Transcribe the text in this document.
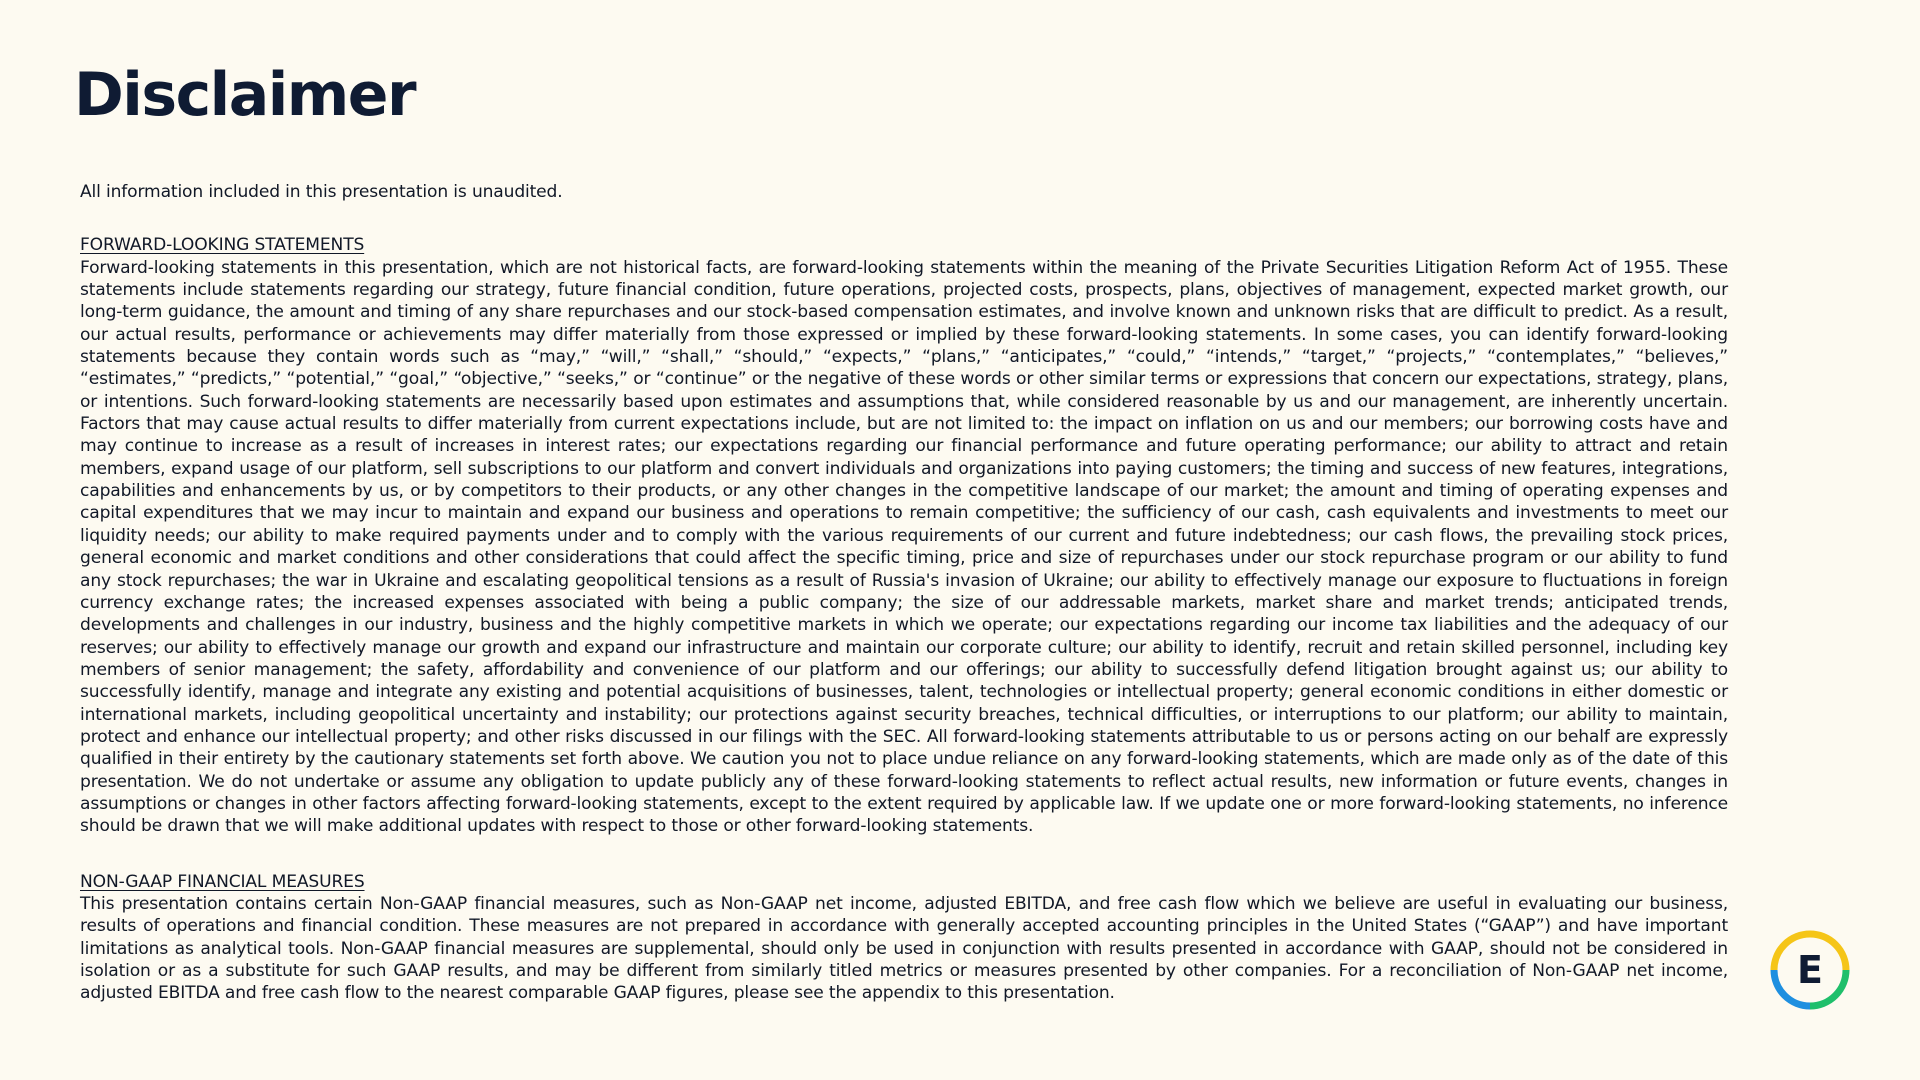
Disclaimer

All information included in this presentation is unaudited.

FORWARD-LOOKING STATEMENTS

Forward-looking statements in this presentation, which are not historical facts, are forward-looking statements within the meaning of the Private Securities Litigation Reform Act of 1955. These statements include statements regarding our strategy, future financial condition, future operations, projected costs, prospects, plans, objectives of management, expected market growth, our long-term guidance, the amount and timing of any share repurchases and our stock-based compensation estimates, and involve known and unknown risks that are difficult to predict. As a result, our actual results, performance or achievements may differ materially from those expressed or implied by these forward-looking statements. In some cases, you can identify forward-looking statements because they contain words such as “may,” “will,” “shall,” “should,” “expects,” “plans,” “anticipates,” “could,” “intends,” “target,” “projects,” “contemplates,” “believes,” “estimates,” “predicts,” “potential,” “goal,” “objective,” “seeks,” or “continue” or the negative of these words or other similar terms or expressions that concern our expectations, strategy, plans, or intentions. Such forward-looking statements are necessarily based upon estimates and assumptions that, while considered reasonable by us and our management, are inherently uncertain. Factors that may cause actual results to differ materially from current expectations include, but are not limited to: the impact on inflation on us and our members; our borrowing costs have and may continue to increase as a result of increases in interest rates; our expectations regarding our financial performance and future operating performance; our ability to attract and retain members, expand usage of our platform, sell subscriptions to our platform and convert individuals and organizations into paying customers; the timing and success of new features, integrations, capabilities and enhancements by us, or by competitors to their products, or any other changes in the competitive landscape of our market; the amount and timing of operating expenses and capital expenditures that we may incur to maintain and expand our business and operations to remain competitive; the sufficiency of our cash, cash equivalents and investments to meet our liquidity needs; our ability to make required payments under and to comply with the various requirements of our current and future indebtedness; our cash flows, the prevailing stock prices, general economic and market conditions and other considerations that could affect the specific timing, price and size of repurchases under our stock repurchase program or our ability to fund any stock repurchases; the war in Ukraine and escalating geopolitical tensions as a result of Russia's invasion of Ukraine; our ability to effectively manage our exposure to fluctuations in foreign currency exchange rates; the increased expenses associated with being a public company; the size of our addressable markets, market share and market trends; anticipated trends, developments and challenges in our industry, business and the highly competitive markets in which we operate; our expectations regarding our income tax liabilities and the adequacy of our reserves; our ability to effectively manage our growth and expand our infrastructure and maintain our corporate culture; our ability to identify, recruit and retain skilled personnel, including key members of senior management; the safety, affordability and convenience of our platform and our offerings; our ability to successfully defend litigation brought against us; our ability to successfully identify, manage and integrate any existing and potential acquisitions of businesses, talent, technologies or intellectual property; general economic conditions in either domestic or international markets, including geopolitical uncertainty and instability; our protections against security breaches, technical difficulties, or interruptions to our platform; our ability to maintain, protect and enhance our intellectual property; and other risks discussed in our filings with the SEC. All forward-looking statements attributable to us or persons acting on our behalf are expressly qualified in their entirety by the cautionary statements set forth above. We caution you not to place undue reliance on any forward-looking statements, which are made only as of the date of this presentation. We do not undertake or assume any obligation to update publicly any of these forward-looking statements to reflect actual results, new information or future events, changes in assumptions or changes in other factors affecting forward-looking statements, except to the extent required by applicable law. If we update one or more forward-looking statements, no inference should be drawn that we will make additional updates with respect to those or other forward-looking statements.

NON-GAAP FINANCIAL MEASURES

This presentation contains certain Non-GAAP financial measures, such as Non-GAAP net income, adjusted EBITDA, and free cash flow which we believe are useful in evaluating our business, results of operations and financial condition. These measures are not prepared in accordance with generally accepted accounting principles in the United States (“GAAP”) and have important limitations as analytical tools. Non-GAAP financial measures are supplemental, should only be used in conjunction with results presented in accordance with GAAP, should not be considered in isolation or as a substitute for such GAAP results, and may be different from similarly titled metrics or measures presented by other companies. For a reconciliation of Non-GAAP net income, adjusted EBITDA and free cash flow to the nearest comparable GAAP figures, please see the appendix to this presentation.

E
